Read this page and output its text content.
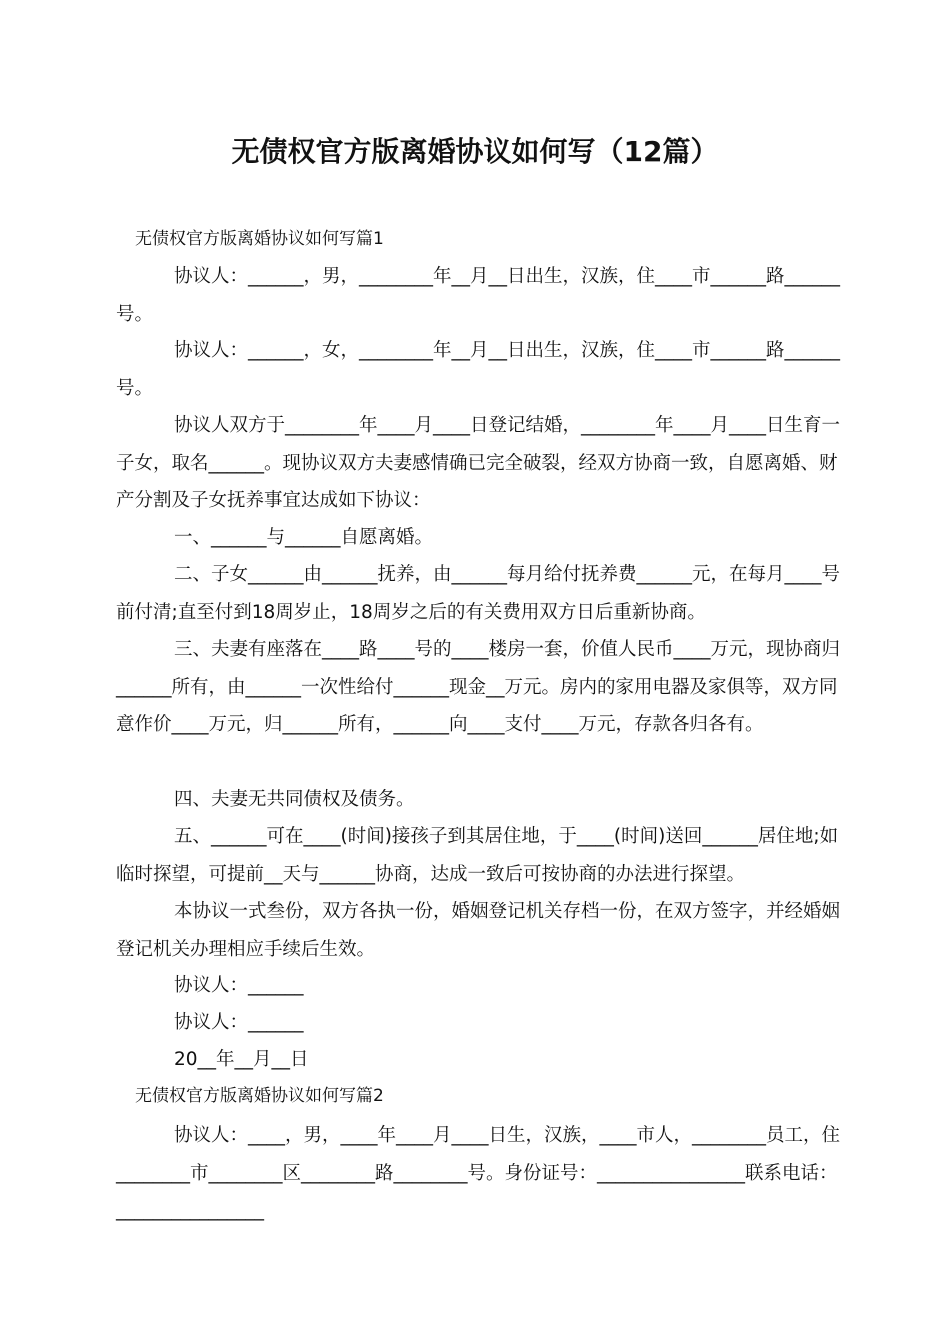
无债权官方版离婚协议如何写（12篇）
无债权官方版离婚协议如何写篇1
协议人：______，男，________年__月__日出生，汉族，住____市______路______号。
协议人：______，女，________年__月__日出生，汉族，住____市______路______号。
协议人双方于________年____月____日登记结婚，________年____月____日生育一子女，取名______。现协议双方夫妻感情确已完全破裂，经双方协商一致，自愿离婚、财产分割及子女抚养事宜达成如下协议：
一、______与______自愿离婚。
二、子女______由______抚养，由______每月给付抚养费______元，在每月____号前付清;直至付到18周岁止，18周岁之后的有关费用双方日后重新协商。
三、夫妻有座落在____路____号的____楼房一套，价值人民币____万元，现协商归______所有，由______一次性给付______现金__万元。房内的家用电器及家俱等，双方同意作价____万元，归______所有，______向____支付____万元，存款各归各有。
四、夫妻无共同债权及债务。
五、______可在____(时间)接孩子到其居住地，于____(时间)送回______居住地;如临时探望，可提前__天与______协商，达成一致后可按协商的办法进行探望。
本协议一式叁份，双方各执一份，婚姻登记机关存档一份，在双方签字，并经婚姻登记机关办理相应手续后生效。
协议人：______
协议人：______
20__年__月__日
无债权官方版离婚协议如何写篇2
协议人：____，男，____年____月____日生，汉族，____市人，________员工，住________市________区________路________号。身份证号：________________联系电话：________________
